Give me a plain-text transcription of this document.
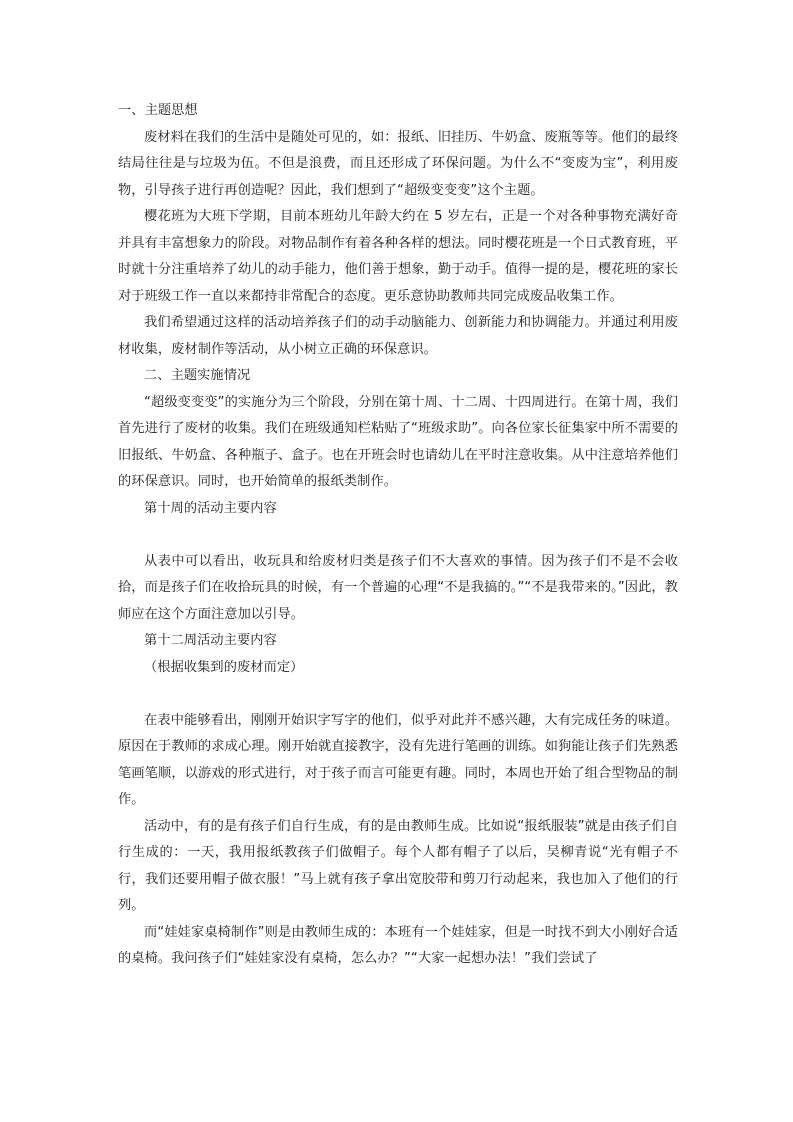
一、主题思想

废材料在我们的生活中是随处可见的，如：报纸、旧挂历、牛奶盒、废瓶等等。他们的最终结局往往是与垃圾为伍。不但是浪费，而且还形成了环保问题。为什么不“变废为宝”，利用废物，引导孩子进行再创造呢？因此，我们想到了“超级变变变”这个主题。

樱花班为大班下学期，目前本班幼儿年龄大约在 5 岁左右，正是一个对各种事物充满好奇并具有丰富想象力的阶段。对物品制作有着各种各样的想法。同时樱花班是一个日式教育班，平时就十分注重培养了幼儿的动手能力，他们善于想象，勤于动手。值得一提的是，樱花班的家长对于班级工作一直以来都持非常配合的态度。更乐意协助教师共同完成废品收集工作。

我们希望通过这样的活动培养孩子们的动手动脑能力、创新能力和协调能力。并通过利用废材收集，废材制作等活动，从小树立正确的环保意识。

二、主题实施情况

“超级变变变”的实施分为三个阶段，分别在第十周、十二周、十四周进行。在第十周，我们首先进行了废材的收集。我们在班级通知栏粘贴了“班级求助”。向各位家长征集家中所不需要的旧报纸、牛奶盒、各种瓶子、盒子。也在开班会时也请幼儿在平时注意收集。从中注意培养他们的环保意识。同时，也开始简单的报纸类制作。

第十周的活动主要内容

从表中可以看出，收玩具和给废材归类是孩子们不大喜欢的事情。因为孩子们不是不会收拾，而是孩子们在收拾玩具的时候，有一个普遍的心理“不是我搞的。”“不是我带来的。”因此，教师应在这个方面注意加以引导。

第十二周活动主要内容

（根据收集到的废材而定）

在表中能够看出，刚刚开始识字写字的他们，似乎对此并不感兴趣，大有完成任务的味道。原因在于教师的求成心理。刚开始就直接教字，没有先进行笔画的训练。如狗能让孩子们先熟悉笔画笔顺，以游戏的形式进行，对于孩子而言可能更有趣。同时，本周也开始了组合型物品的制作。

活动中，有的是有孩子们自行生成，有的是由教师生成。比如说“报纸服装”就是由孩子们自行生成的：一天，我用报纸教孩子们做帽子。每个人都有帽子了以后，吴柳青说“光有帽子不行，我们还要用帽子做衣服！”马上就有孩子拿出宽胶带和剪刀行动起来，我也加入了他们的行列。

而“娃娃家桌椅制作”则是由教师生成的：本班有一个娃娃家，但是一时找不到大小刚好合适的桌椅。我问孩子们“娃娃家没有桌椅，怎么办？”“大家一起想办法！”我们尝试了
